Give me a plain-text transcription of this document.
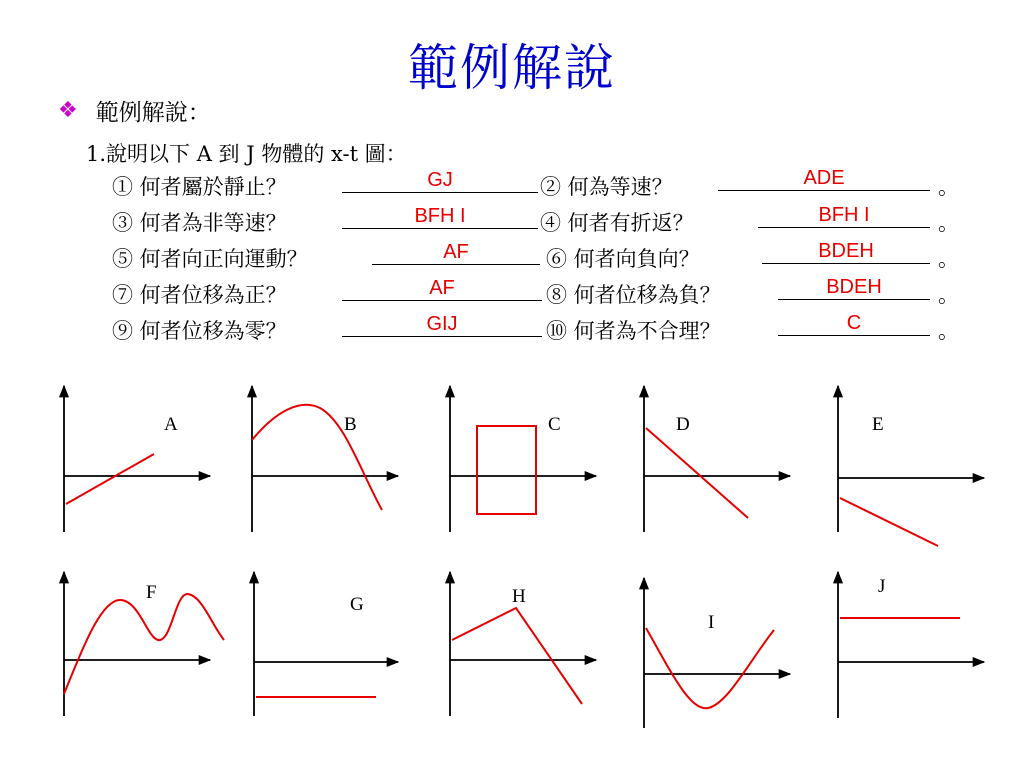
範例解說
❖ 範例解說：
1.說明以下 A 到 J 物體的 x-t 圖：
① 何者屬於靜止？	GJ	② 何為等速？	ADE	。
③ 何者為非等速？	BFH I	④ 何者有折返？	BFH I	。
⑤ 何者向正向運動？	AF	⑥ 何者向負向？	BDEH	。
⑦ 何者位移為正？	AF	⑧ 何者位移為負？	BDEH	。
⑨ 何者位移為零？	GIJ	⑩ 何者為不合理？	C	。
A	B	C	D	E
F
G	H
I
J
